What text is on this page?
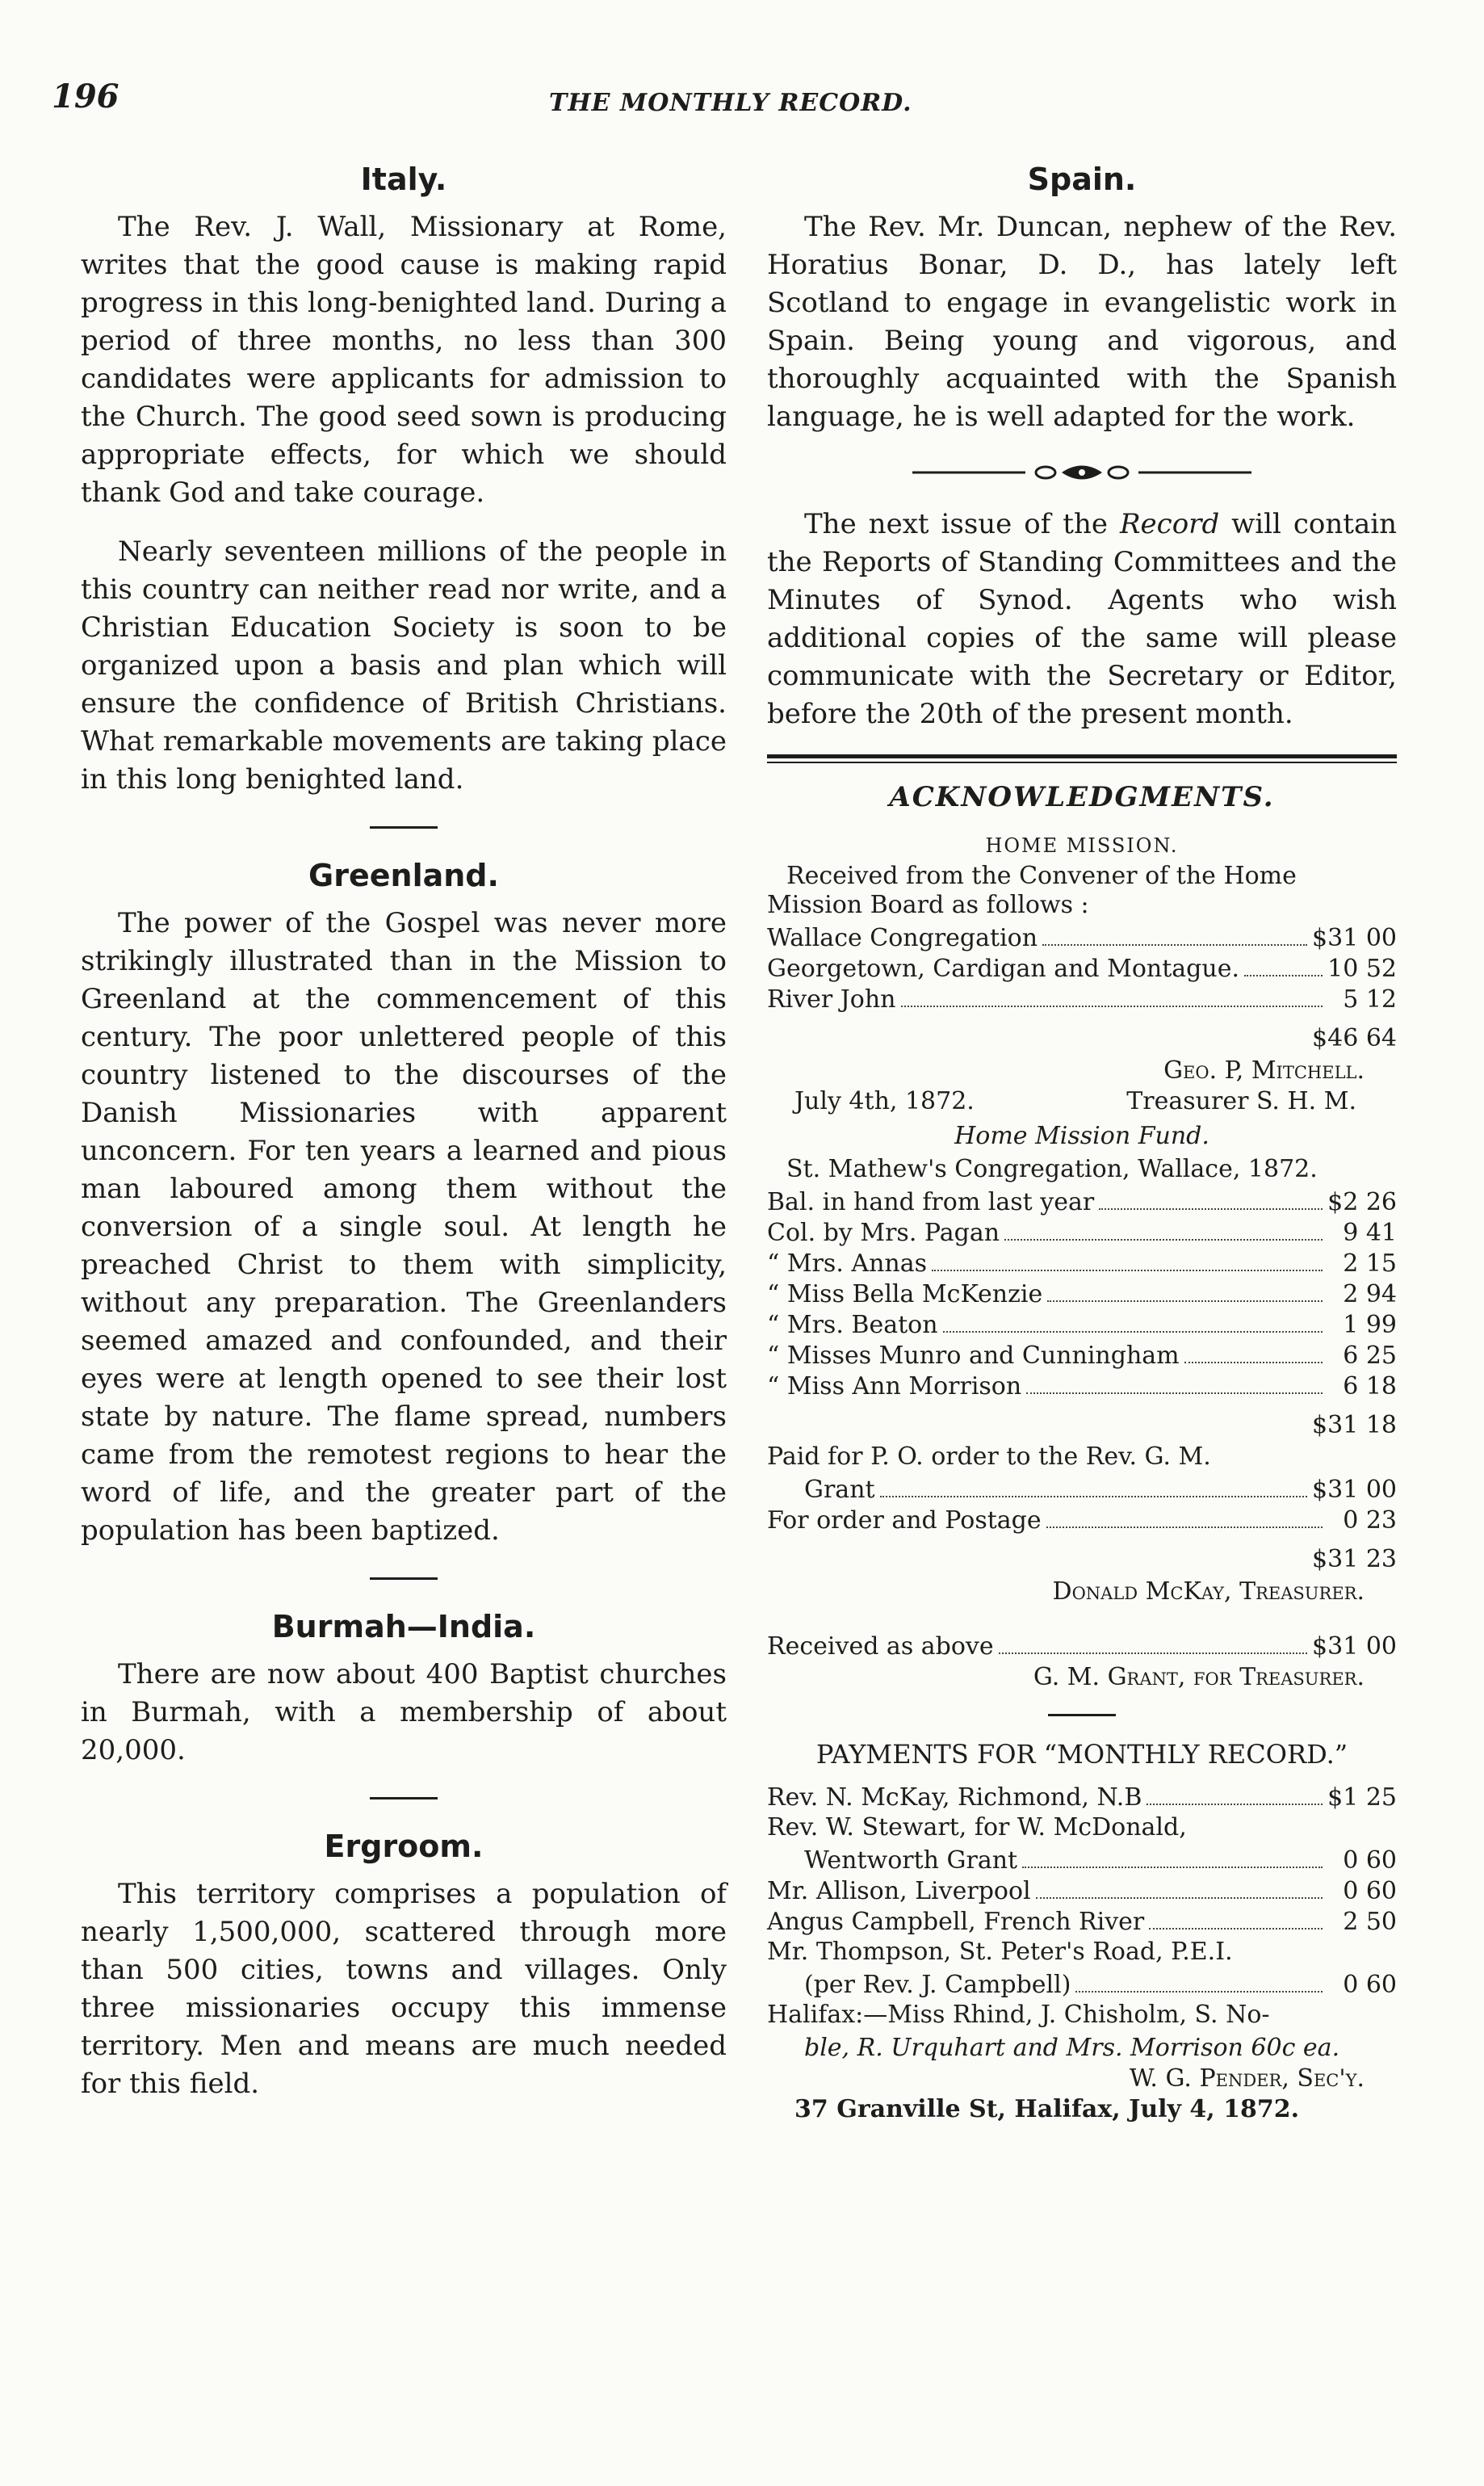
196	THE MONTHLY RECORD.
Italy.

The Rev. J. Wall, Missionary at Rome, writes that the good cause is making rapid progress in this long-benighted land. During a period of three months, no less than 300 candidates were applicants for admission to the Church. The good seed sown is producing appropriate effects, for which we should thank God and take courage.

Nearly seventeen millions of the people in this country can neither read nor write, and a Christian Education Society is soon to be organized upon a basis and plan which will ensure the confidence of British Christians. What remarkable movements are taking place in this long benighted land.

Greenland.

The power of the Gospel was never more strikingly illustrated than in the Mission to Greenland at the commencement of this century. The poor unlettered people of this country listened to the discourses of the Danish Missionaries with apparent unconcern. For ten years a learned and pious man laboured among them without the conversion of a single soul. At length he preached Christ to them with simplicity, without any preparation. The Greenlanders seemed amazed and confounded, and their eyes were at length opened to see their lost state by nature. The flame spread, numbers came from the remotest regions to hear the word of life, and the greater part of the population has been baptized.

Burmah—India.

There are now about 400 Baptist churches in Burmah, with a membership of about 20,000.

Ergroom.

This territory comprises a population of nearly 1,500,000, scattered through more than 500 cities, towns and villages. Only three missionaries occupy this immense territory. Men and means are much needed for this field.

Spain.

The Rev. Mr. Duncan, nephew of the Rev. Horatius Bonar, D. D., has lately left Scotland to engage in evangelistic work in Spain. Being young and vigorous, and thoroughly acquainted with the Spanish language, he is well adapted for the work.

The next issue of the Record will contain the Reports of Standing Committees and the Minutes of Synod. Agents who wish additional copies of the same will please communicate with the Secretary or Editor, before the 20th of the present month.

ACKNOWLEDGMENTS.
HOME MISSION.
Received from the Convener of the Home Mission Board as follows :
Wallace Congregation	$31 00
Georgetown, Cardigan and Montague.	10 52
River John	5 12
$46 64
Geo. P, Mitchell.
July 4th, 1872.	Treasurer S. H. M.
Home Mission Fund.
St. Mathew's Congregation, Wallace, 1872.
Bal. in hand from last year	$2 26
Col. by Mrs. Pagan	9 41
“ Mrs. Annas	2 15
“ Miss Bella McKenzie	2 94
“ Mrs. Beaton	1 99
“ Misses Munro and Cunningham	6 25
“ Miss Ann Morrison	6 18
$31 18
Paid for P. O. order to the Rev. G. M.
Grant	$31 00
For order and Postage	0 23
$31 23
Donald McKay, Treasurer.
Received as above	$31 00
G. M. Grant, for Treasurer.
PAYMENTS FOR “MONTHLY RECORD.”
Rev. N. McKay, Richmond, N.B	$1 25
Rev. W. Stewart, for W. McDonald,
Wentworth Grant	0 60
Mr. Allison, Liverpool	0 60
Angus Campbell, French River	2 50
Mr. Thompson, St. Peter's Road, P.E.I.
(per Rev. J. Campbell)	0 60
Halifax:—Miss Rhind, J. Chisholm, S. No-
ble, R. Urquhart and Mrs. Morrison 60c ea.
W. G. Pender, Sec'y.
37 Granville St, Halifax, July 4, 1872.
